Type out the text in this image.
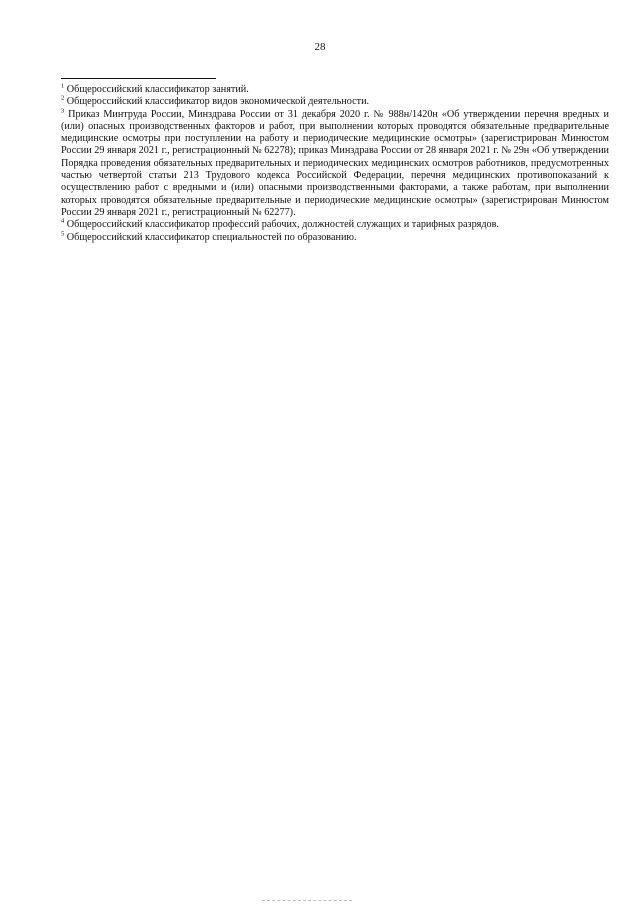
28

$^1$ Общероссийский классификатор занятий.

$^2$ Общероссийский классификатор видов экономической деятельности.

$^3$ Приказ Минтруда России, Минздрава России от 31 декабря 2020 г. № 988н/1420н «Об утверждении перечня вредных и (или) опасных производственных факторов и работ, при выполнении которых проводятся обязательные предварительные медицинские осмотры при поступлении на работу и периодические медицинские осмотры» (зарегистрирован Минюстом России 29 января 2021 г., регистрационный № 62278); приказ Минздрава России от 28 января 2021 г. № 29н «Об утверждении Порядка проведения обязательных предварительных и периодических медицинских осмотров работников, предусмотренных частью четвертой статьи 213 Трудового кодекса Российской Федерации, перечня медицинских противопоказаний к осуществлению работ с вредными и (или) опасными производственными факторами, а также работам, при выполнении которых проводятся обязательные предварительные и периодические медицинские осмотры» (зарегистрирован Минюстом России 29 января 2021 г., регистрационный № 62277).

$^4$ Общероссийский классификатор профессий рабочих, должностей служащих и тарифных разрядов.

$^5$ Общероссийский классификатор специальностей по образованию.
